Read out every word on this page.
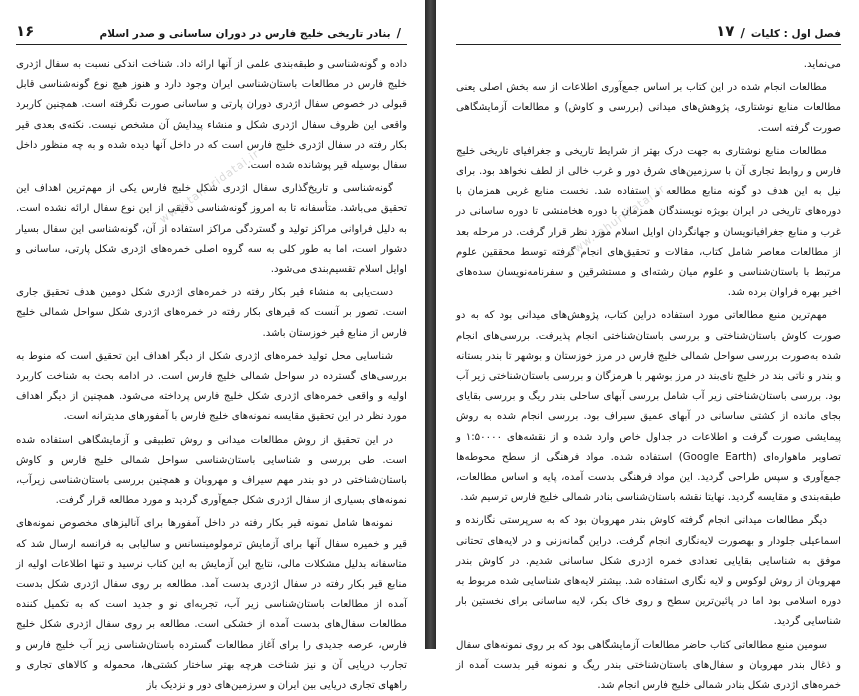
۱۶	بنادر تاریخی خلیج فارس در دوران ساسانی و صدر اسلام /

داده و گونه‌شناسی و طبقه‌بندی علمی از آنها ارائه داد. شناخت اندکی نسبت به سفال اژدری خلیج فارس در مطالعات باستان‌شناسی ایران وجود دارد و هنوز هیچ نوع گونه‌شناسی قابل قبولی در خصوص سفال اژدری دوران پارتی و ساسانی صورت نگرفته است. همچنین کاربرد واقعی این ظروف سفال اژدری شکل و منشاء پیدایش آن مشخص نیست. نکته‌ی بعدی قیر بکار رفته در سفال اژدری خلیج فارس است که در داخل آنها دیده شده و به چه منظور داخل سفال بوسیله قیر پوشانده شده است.

گونه‌شناسی و تاریخ‌گذاری سفال اژدری شکل خلیج فارس یکی از مهم‌ترین اهداف این تحقیق می‌باشد. متأسفانه تا به امروز گونه‌شناسی دقیقی از این نوع سفال ارائه نشده است. به دلیل فراوانی مراکز تولید و گستردگی مراکز استفاده از آن، گونه‌شناسی این سفال بسیار دشوار است، اما به طور کلی به سه گروه اصلی خمره‌های اژدری شکل پارتی، ساسانی و اوایل اسلام تقسیم‌بندی می‌شود.

دست‌یابی به منشاء قیر بکار رفته در خمره‌های اژدری شکل دومین هدف تحقیق جاری است. تصور بر آنست که قیرهای بکار رفته در خمره‌های اژدری شکل سواحل شمالی خلیج فارس از منابع قیر خوزستان باشد.

شناسایی محل تولید خمره‌های اژدری شکل از دیگر اهداف این تحقیق است که منوط به بررسی‌های گسترده در سواحل شمالی خلیج فارس است. در ادامه بحث به شناخت کاربرد اولیه و واقعی خمره‌های اژدری شکل خلیج فارس پرداخته می‌شود. همچنین از دیگر اهداف مورد نظر در این تحقیق مقایسه نمونه‌های خلیج فارس با آمفورهای مدیترانه است.

در این تحقیق از روش مطالعات میدانی و روش تطبیقی و آزمایشگاهی استفاده شده است. طی بررسی و شناسایی باستان‌شناسی سواحل شمالی خلیج فارس و کاوش باستان‌شناختی در دو بندر مهم سیراف و مهروبان و همچنین بررسی باستان‌شناسی زیرآب، نمونه‌های بسیاری از سفال اژدری شکل جمع‌آوری گردید و مورد مطالعه قرار گرفت.

نمونه‌ها شامل نمونه قیر بکار رفته در داخل آمفورها برای آنالیزهای مخصوص نمونه‌های قیر و خمیره سفال آنها برای آزمایش ترمولومینسانس و سالیابی به فرانسه ارسال شد که متاسفانه بدلیل مشکلات مالی، نتایج این آزمایش به این کتاب نرسید و تنها اطلاعات اولیه از منابع قیر بکار رفته در سفال اژدری بدست آمد. مطالعه بر روی سفال اژدری شکل بدست آمده از مطالعات باستان‌شناسی زیر آب، تجربه‌ای نو و جدید است که به تکمیل کننده مطالعات سفال‌های بدست آمده از خشکی است. مطالعه بر روی سفال اژدری شکل خلیج فارس، عرصه جدیدی را برای آغاز مطالعات گسترده باستان‌شناسی زیر آب خلیج فارس و تجارب دریایی آن و نیز شناخت هرچه بهتر ساختار کشتی‌ها، محموله و کالاهای تجاری و راههای تجاری دریایی بین ایران و سرزمین‌های دور و نزدیک باز

www.tahuridatai.ir
۱۷ / فصل اول : کلیات

می‌نماید.

مطالعات انجام شده در این کتاب بر اساس جمع‌آوری اطلاعات از سه بخش اصلی یعنی مطالعات منابع نوشتاری، پژوهش‌های میدانی (بررسی و کاوش) و مطالعات آزمایشگاهی صورت گرفته است.

مطالعات منابع نوشتاری به جهت درک بهتر از شرایط تاریخی و جغرافیای تاریخی خلیج فارس و روابط تجاری آن با سرزمین‌های شرق دور و غرب خالی از لطف نخواهد بود. برای نیل به این هدف دو گونه منابع مطالعه و استفاده شد. نخست منابع غربی همزمان با دوره‌های تاریخی در ایران بویژه نویسندگان همزمان با دوره هخامنشی تا دوره ساسانی در غرب و منابع جغرافیانویسان و جهانگردان اوایل اسلام مورد نظر قرار گرفت. در مرحله بعد از مطالعات معاصر شامل کتاب، مقالات و تحقیق‌های انجام گرفته توسط محققین علوم مرتبط با باستان‌شناسی و علوم میان رشته‌ای و مستشرقین و سفرنامه‌نویسان سده‌های اخیر بهره فراوان برده شد.

مهم‌ترین منبع مطالعاتی مورد استفاده دراین کتاب، پژوهش‌های میدانی بود که به دو صورت کاوش باستان‌شناختی و بررسی باستان‌شناختی انجام پذیرفت. بررسی‌های انجام شده به‌صورت بررسی سواحل شمالی خلیج فارس در مرز خوزستان و بوشهر تا بندر بستانه و بندر و ناتی بند در خلیج نای‌بند در مرز بوشهر با هرمزگان و بررسی باستان‌شناختی زیر آب بود. بررسی باستان‌شناختی زیر آب شامل بررسی آبهای ساحلی بندر ریگ و بررسی بقایای بجای مانده از کشتی ساسانی در آبهای عمیق سیراف بود. بررسی انجام شده به روش پیمایشی صورت گرفت و اطلاعات در جداول خاص وارد شده و از نقشه‌های ۱:۵۰۰۰۰ و تصاویر ماهواره‌ای (Google Earth) استفاده شده. مواد فرهنگی از سطح محوطه‌ها جمع‌آوری و سپس طراحی گردید. این مواد فرهنگی بدست آمده، پایه و اساس مطالعات، طبقه‌بندی و مقایسه گردید. نهایتا نقشه باستان‌شناسی بنادر شمالی خلیج فارس ترسیم شد.

دیگر مطالعات میدانی انجام گرفته کاوش بندر مهروبان بود که به سرپرستی نگارنده و اسماعیلی جلودار و بهصورت لایه‌نگاری انجام گرفت. دراین گمانه‌زنی و در لایه‌های تحتانی موفق به شناسایی بقایایی تعدادی خمره اژدری شکل ساسانی شدیم. در کاوش بندر مهروبان از روش لوکوس و لایه نگاری استفاده شد. بیشتر لایه‌های شناسایی شده مربوط به دوره اسلامی بود اما در پائین‌ترین سطح و روی خاک بکر، لایه ساسانی برای نخستین بار شناسایی گردید.

سومین منبع مطالعاتی کتاب حاضر مطالعات آزمایشگاهی بود که بر روی نمونه‌های سفال و ذغال بندر مهروبان و سفال‌های باستان‌شناختی بندر ریگ و نمونه قیر بدست آمده از خمره‌های اژدری شکل بنادر شمالی خلیج فارس انجام شد.

www.tahuridatai.ir
